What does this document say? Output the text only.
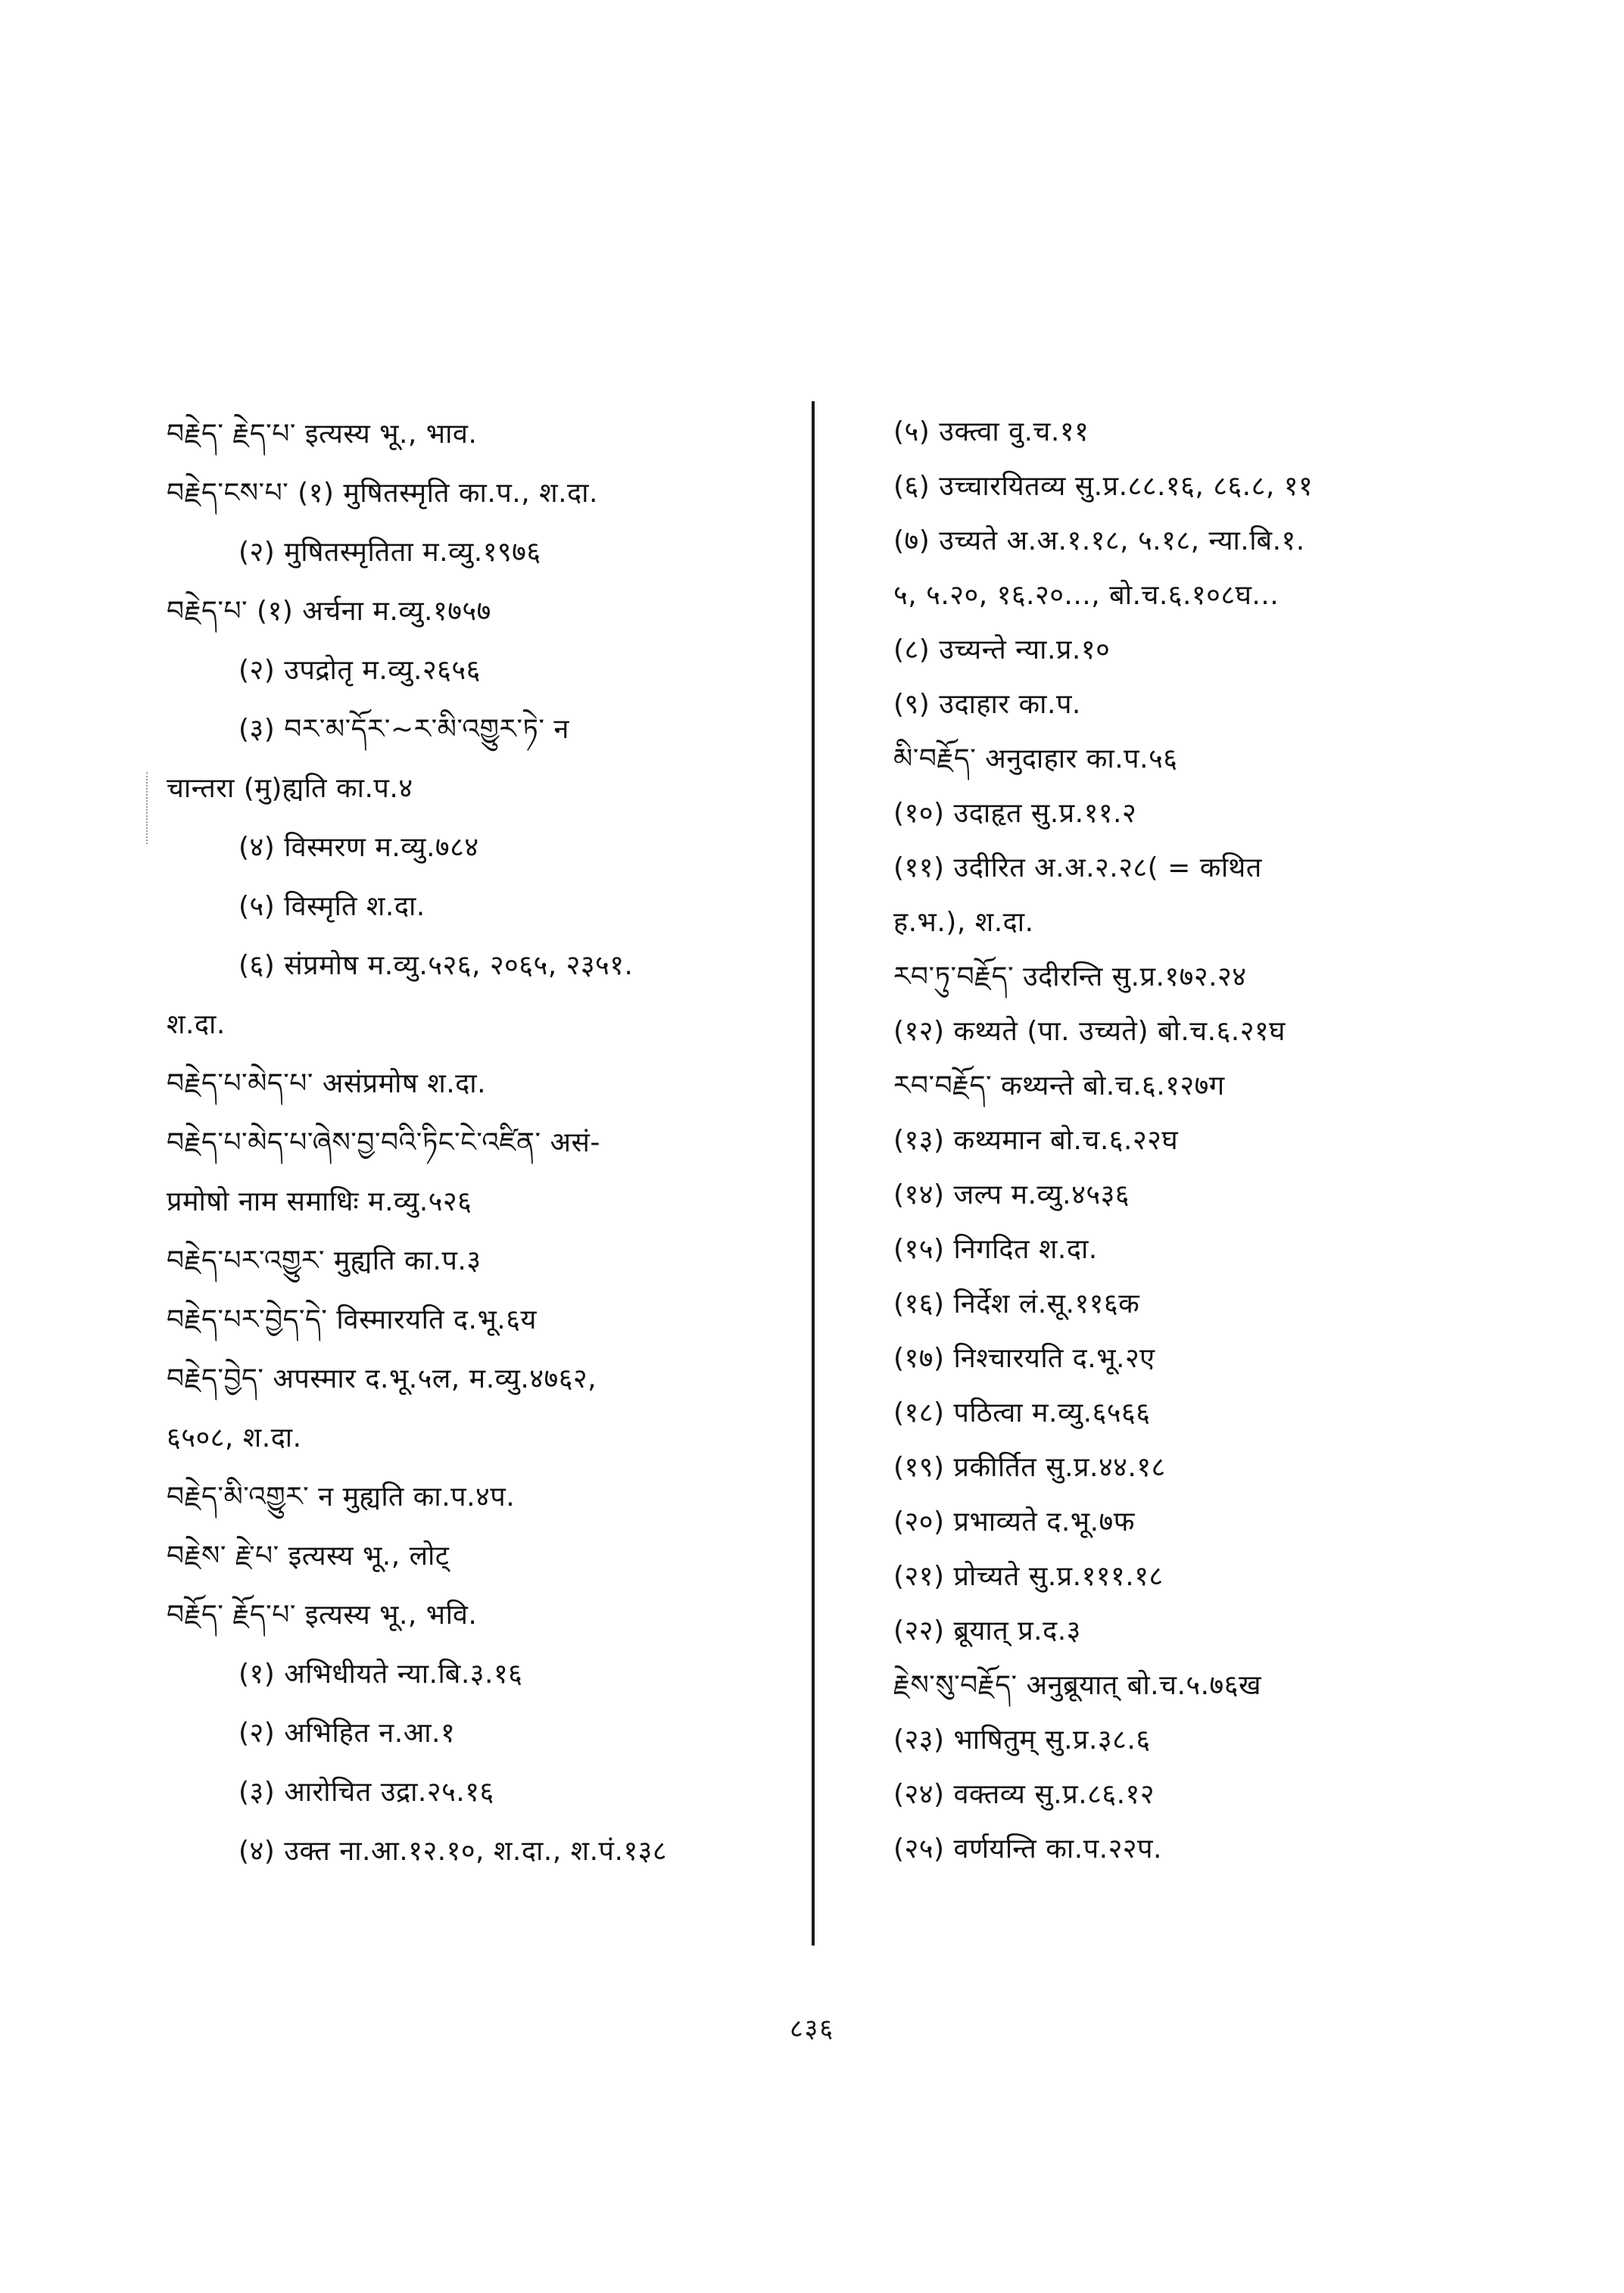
བརྗེད་ རྗེད་པ་ इत्यस्य भू., भाव.
བརྗེད་ངས་པ་ (१) मुषितस्मृति का.प., श.दा.
(२) मुषितस्मृतिता म.व्यु.१९७६
བརྗེད་པ་ (१) अर्चना म.व्यु.१७५७
(२) उपद्रोतृ म.व्यु.२६५६
(३) བར་མ་དོར་~ར་མི་འགྱུར་ཏེ་ न
चान्तरा (मु)ह्यति का.प.४
(४) विस्मरण म.व्यु.७८४
(५) विस्मृति श.दा.
(६) संप्रमोष म.व्यु.५२६, २०६५, २३५१.
श.दा.
བརྗེད་པ་མེད་པ་ असंप्रमोष श.दा.
བརྗེད་པ་མེད་པ་ཞེས་བྱ་བའི་ཏིང་ངེ་འཛིན་ असं-
प्रमोषो नाम समाधिः म.व्यु.५२६
བརྗེད་པར་འགྱུར་ मुह्यति का.प.३
བརྗེད་པར་བྱེད་དེ་ विस्मारयति द.भू.६य
བརྗེད་བྱེད་ अपस्मार द.भू.५ल, म.व्यु.४७६२,
६५०८, श.दा.
བརྗེད་མི་འགྱུར་ न मुह्यति का.प.४प.
བརྗེས་ རྗེ་པ་ इत्यस्य भू., लोट्
བརྗོད་ རྗོད་པ་ इत्यस्य भू., भवि.
(१) अभिधीयते न्या.बि.३.१६
(२) अभिहित न.आ.१
(३) आरोचित उद्रा.२५.१६
(४) उक्त ना.आ.१२.१०, श.दा., श.पं.१३८
(५) उक्त्वा वु.च.११
(६) उच्चारयितव्य सु.प्र.८८.१६, ८६.८, ११
(७) उच्यते अ.अ.१.१८, ५.१८, न्या.बि.१.
५, ५.२०, १६.२०..., बो.च.६.१०८घ...
(८) उच्यन्ते न्या.प्र.१०
(९) उदाहार का.प.
མི་བརྗོད་ अनुदाहार का.प.५६
(१०) उदाहृत सु.प्र.११.२
(११) उदीरित अ.अ.२.२८( = कथित
ह.भ.), श.दा.
རབ་ཏུ་བརྗོད་ उदीरन्ति सु.प्र.१७२.२४
(१२) कथ्यते (पा. उच्यते) बो.च.६.२१घ
རབ་བརྗོད་ कथ्यन्ते बो.च.६.१२७ग
(१३) कथ्यमान बो.च.६.२२घ
(१४) जल्प म.व्यु.४५३६
(१५) निगदित श.दा.
(१६) निर्देश लं.सू.११६क
(१७) निश्चारयति द.भू.२ए
(१८) पठित्वा म.व्यु.६५६६
(१९) प्रकीर्तित सु.प्र.४४.१८
(२०) प्रभाव्यते द.भू.७फ
(२१) प्रोच्यते सु.प्र.१११.१८
(२२) ब्रूयात् प्र.द.३
རྗེས་སུ་བརྗོད་ अनुब्रूयात् बो.च.५.७६ख
(२३) भाषितुम् सु.प्र.३८.६
(२४) वक्तव्य सु.प्र.८६.१२
(२५) वर्णयन्ति का.प.२२प.
८३६
